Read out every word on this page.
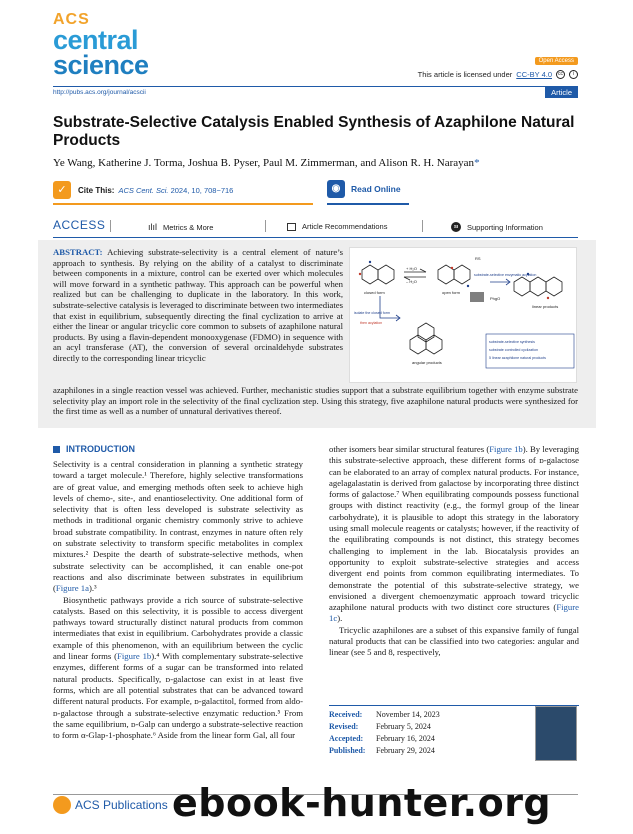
ACS
central
science	Open Access
This article is licensed under CC-BY 4.0	cc	i
http://pubs.acs.org/journal/acscii	Article
Substrate-Selective Catalysis Enabled Synthesis of Azaphilone Natural Products
Ye Wang, Katherine J. Torma, Joshua B. Pyser, Paul M. Zimmerman, and Alison R. H. Narayan*
✓	Cite This: ACS Cent. Sci. 2024, 10, 708−716	◉	Read Online
ACCESS	ılıl Metrics & More	Article Recommendations	SI	Supporting Information
ABSTRACT: Achieving substrate-selectivity is a central element of nature’s approach to synthesis. By relying on the ability of a catalyst to discriminate between components in a mixture, control can be exerted over which molecules will move forward in a synthetic pathway. This approach can be powerful when realized but can be challenging to duplicate in the laboratory. In this work, substrate-selective catalysis is leveraged to discriminate between two intermediates that exist in equilibrium, subsequently directing the final cyclization to arrive at either the linear or angular tricyclic core common to subsets of azaphilone natural products. By using a flavin-dependent monooxygenase (FDMO) in sequence with an acyl transferase (AT), the conversion of several orcinaldehyde substrates directly to the corresponding linear tricyclic
azaphilones in a single reaction vessel was achieved. Further, mechanistic studies support that a substrate equilibrium together with enzyme substrate selectivity play an import role in the selectivity of the final cyclization step. Using this strategy, five azaphilone natural products were synthesized for the first time as well as a number of unnatural derivatives thereof.
closed form	open form
+ H₂O
– H₂O
substrate-selective enzymatic acylation
RS
PhgO
linear products
isolate the closed form
then acylation
angular products
substrate-selective synthesis
substrate controlled cyclization
5 linear azaphilone natural products
INTRODUCTION

Selectivity is a central consideration in planning a synthetic strategy toward a target molecule.¹ Therefore, highly selective transformations are of great value, and emerging methods often seek to achieve high levels of chemo-, site-, and enantioselectivity. One additional form of selectivity that is often less developed is substrate selectivity as methods in traditional organic chemistry commonly strive to achieve broad substrate compatibility. In contrast, enzymes in nature often rely on substrate selectivity to transform specific metabolites in complex mixtures.² Despite the dearth of substrate-selective methods, when substrate selectivity can be accomplished, it can enable one-pot reactions and also discriminate between substrates in equilibrium (Figure 1a).³

Biosynthetic pathways provide a rich source of substrate-selective catalysts. Based on this selectivity, it is possible to access divergent pathways toward structurally distinct natural products from common intermediates that exist in equilibrium. Carbohydrates provide a classic example of this phenomenon, with an equilibrium between the cyclic and linear forms (Figure 1b).⁴ With complementary substrate-selective enzymes, different forms of a sugar can be transformed into related natural products. Specifically, ᴅ-galactose can exist in at least five forms, which are all potential substrates that can be advanced toward different natural products. For example, ᴅ-galactitol, formed from aldo-ᴅ-galactose through a substrate-selective enzymatic reduction.⁵ From the same equilibrium, ᴅ-Galp can undergo a substrate-selective reaction to form α-Glap-1-phosphate.⁶ Aside from the linear form Gal, all four

other isomers bear similar structural features (Figure 1b). By leveraging this substrate-selective approach, these different forms of ᴅ-galactose can be elaborated to an array of complex natural products. For instance, agelagalastatin is derived from galactose by incorporating three distinct forms of galactose.⁷ When equilibrating compounds possess functional groups with distinct reactivity (e.g., the formyl group of the linear carbohydrate), it is plausible to adopt this strategy in the laboratory using small molecule reagents or catalysts; however, if the reactivity of the equilibrating compounds is not distinct, this strategy becomes challenging to implement in the lab. Biocatalysis provides an opportunity to exploit substrate-selective strategies and access divergent end points from common equilibrating intermediates. To demonstrate the potential of this substrate-selective strategy, we envisioned a divergent chemoenzymatic approach toward tricyclic azaphilone natural products with two distinct core structures (Figure 1c).

Tricyclic azaphilones are a subset of this expansive family of fungal natural products that can be classified into two categories: angular and linear (see 5 and 8, respectively,

Received: November 14, 2023
Revised: February 5, 2024
Accepted: February 16, 2024
Published: February 29, 2024
ACS Publications ebook-hunter.org
